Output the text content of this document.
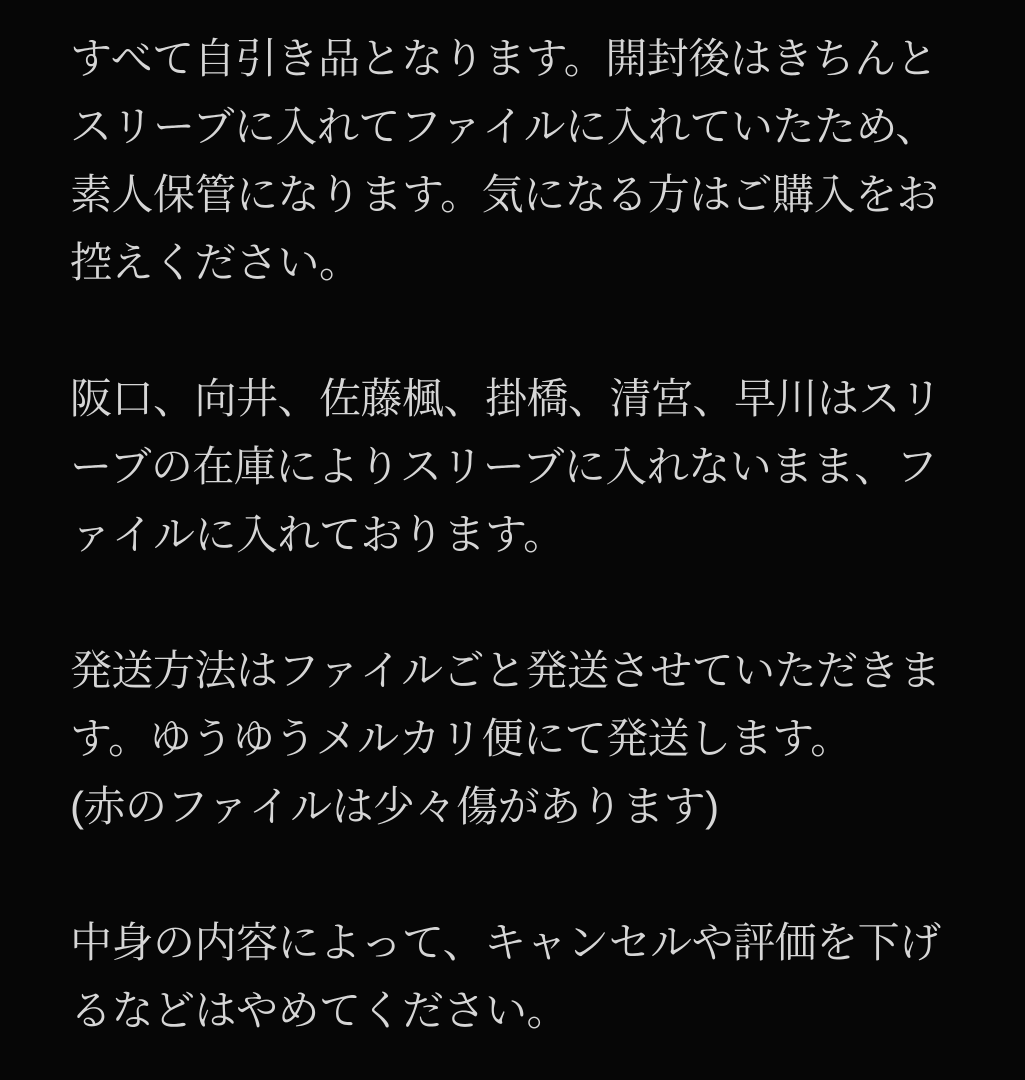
すべて自引き品となります。開封後はきちんと
スリーブに入れてファイルに入れていたため、
素人保管になります。気になる方はご購入をお
控えください。
阪口、向井、佐藤楓、掛橋、清宮、早川はスリ
ーブの在庫によりスリーブに入れないまま、フ
ァイルに入れております。
発送方法はファイルごと発送させていただきま
す。ゆうゆうメルカリ便にて発送します。
(赤のファイルは少々傷があります)
中身の内容によって、キャンセルや評価を下げ
るなどはやめてください。
